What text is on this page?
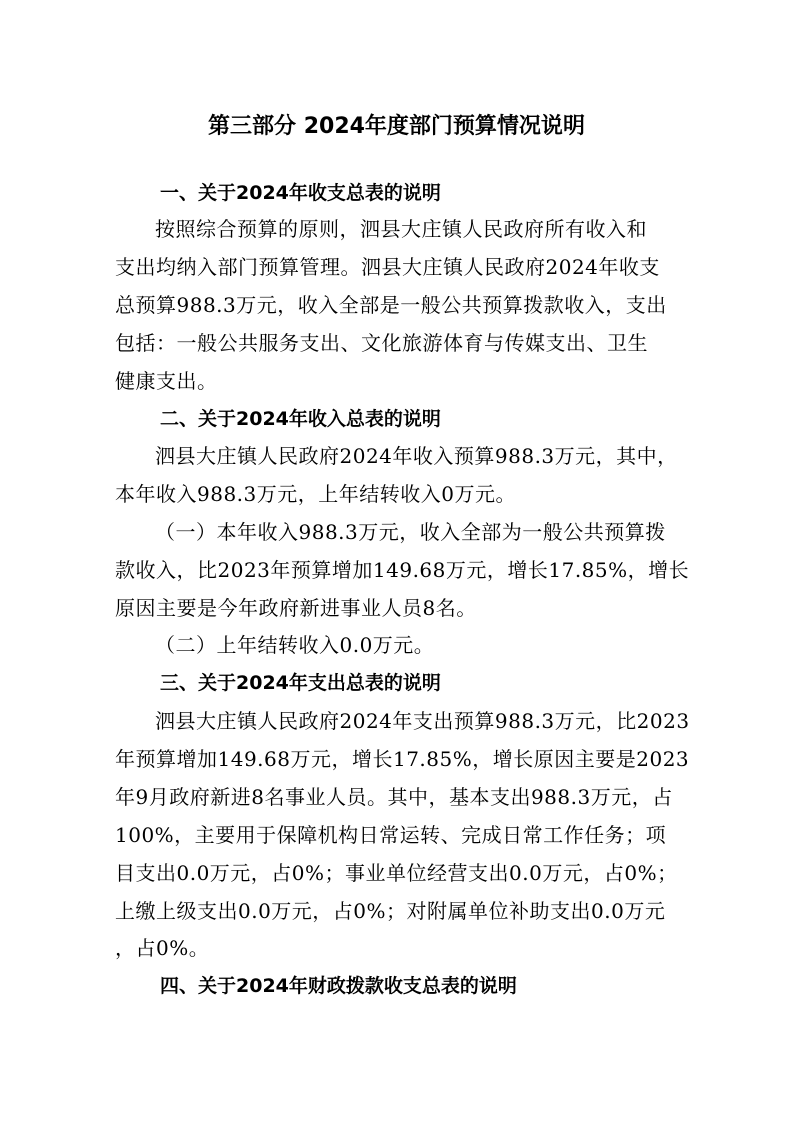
第三部分 2024年度部门预算情况说明
一、关于2024年收支总表的说明
按照综合预算的原则，泗县大庄镇人民政府所有收入和
支出均纳入部门预算管理。泗县大庄镇人民政府2024年收支
总预算988.3万元，收入全部是一般公共预算拨款收入，支出
包括：一般公共服务支出、文化旅游体育与传媒支出、卫生
健康支出。
二、关于2024年收入总表的说明
泗县大庄镇人民政府2024年收入预算988.3万元，其中，
本年收入988.3万元，上年结转收入0万元。
（一）本年收入988.3万元，收入全部为一般公共预算拨
款收入，比2023年预算增加149.68万元，增长17.85%，增长
原因主要是今年政府新进事业人员8名。
（二）上年结转收入0.0万元。
三、关于2024年支出总表的说明
泗县大庄镇人民政府2024年支出预算988.3万元，比2023
年预算增加149.68万元，增长17.85%，增长原因主要是2023
年9月政府新进8名事业人员。其中，基本支出988.3万元，占
100%，主要用于保障机构日常运转、完成日常工作任务；项
目支出0.0万元，占0%；事业单位经营支出0.0万元，占0%；
上缴上级支出0.0万元，占0%；对附属单位补助支出0.0万元
，占0%。
四、关于2024年财政拨款收支总表的说明
